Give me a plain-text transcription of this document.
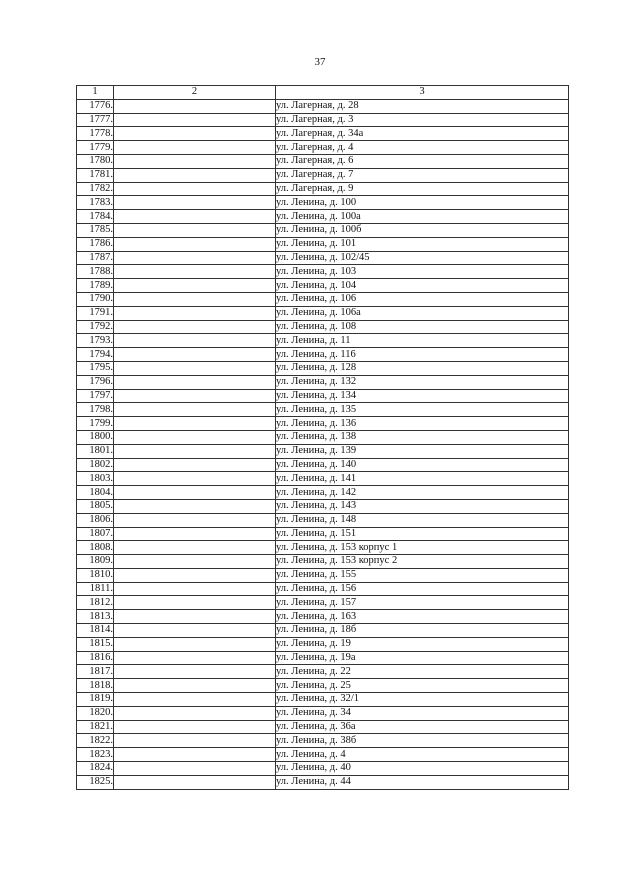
37
1	2	3
1776.		ул. Лагерная, д. 28
1777.		ул. Лагерная, д. 3
1778.		ул. Лагерная, д. 34а
1779.		ул. Лагерная, д. 4
1780.		ул. Лагерная, д. 6
1781.		ул. Лагерная, д. 7
1782.		ул. Лагерная, д. 9
1783.		ул. Ленина, д. 100
1784.		ул. Ленина, д. 100а
1785.		ул. Ленина, д. 100б
1786.		ул. Ленина, д. 101
1787.		ул. Ленина, д. 102/45
1788.		ул. Ленина, д. 103
1789.		ул. Ленина, д. 104
1790.		ул. Ленина, д. 106
1791.		ул. Ленина, д. 106а
1792.		ул. Ленина, д. 108
1793.		ул. Ленина, д. 11
1794.		ул. Ленина, д. 116
1795.		ул. Ленина, д. 128
1796.		ул. Ленина, д. 132
1797.		ул. Ленина, д. 134
1798.		ул. Ленина, д. 135
1799.		ул. Ленина, д. 136
1800.		ул. Ленина, д. 138
1801.		ул. Ленина, д. 139
1802.		ул. Ленина, д. 140
1803.		ул. Ленина, д. 141
1804.		ул. Ленина, д. 142
1805.		ул. Ленина, д. 143
1806.		ул. Ленина, д. 148
1807.		ул. Ленина, д. 151
1808.		ул. Ленина, д. 153 корпус 1
1809.		ул. Ленина, д. 153 корпус 2
1810.		ул. Ленина, д. 155
1811.		ул. Ленина, д. 156
1812.		ул. Ленина, д. 157
1813.		ул. Ленина, д. 163
1814.		ул. Ленина, д. 18б
1815.		ул. Ленина, д. 19
1816.		ул. Ленина, д. 19а
1817.		ул. Ленина, д. 22
1818.		ул. Ленина, д. 25
1819.		ул. Ленина, д. 32/1
1820.		ул. Ленина, д. 34
1821.		ул. Ленина, д. 36а
1822.		ул. Ленина, д. 38б
1823.		ул. Ленина, д. 4
1824.		ул. Ленина, д. 40
1825.		ул. Ленина, д. 44
